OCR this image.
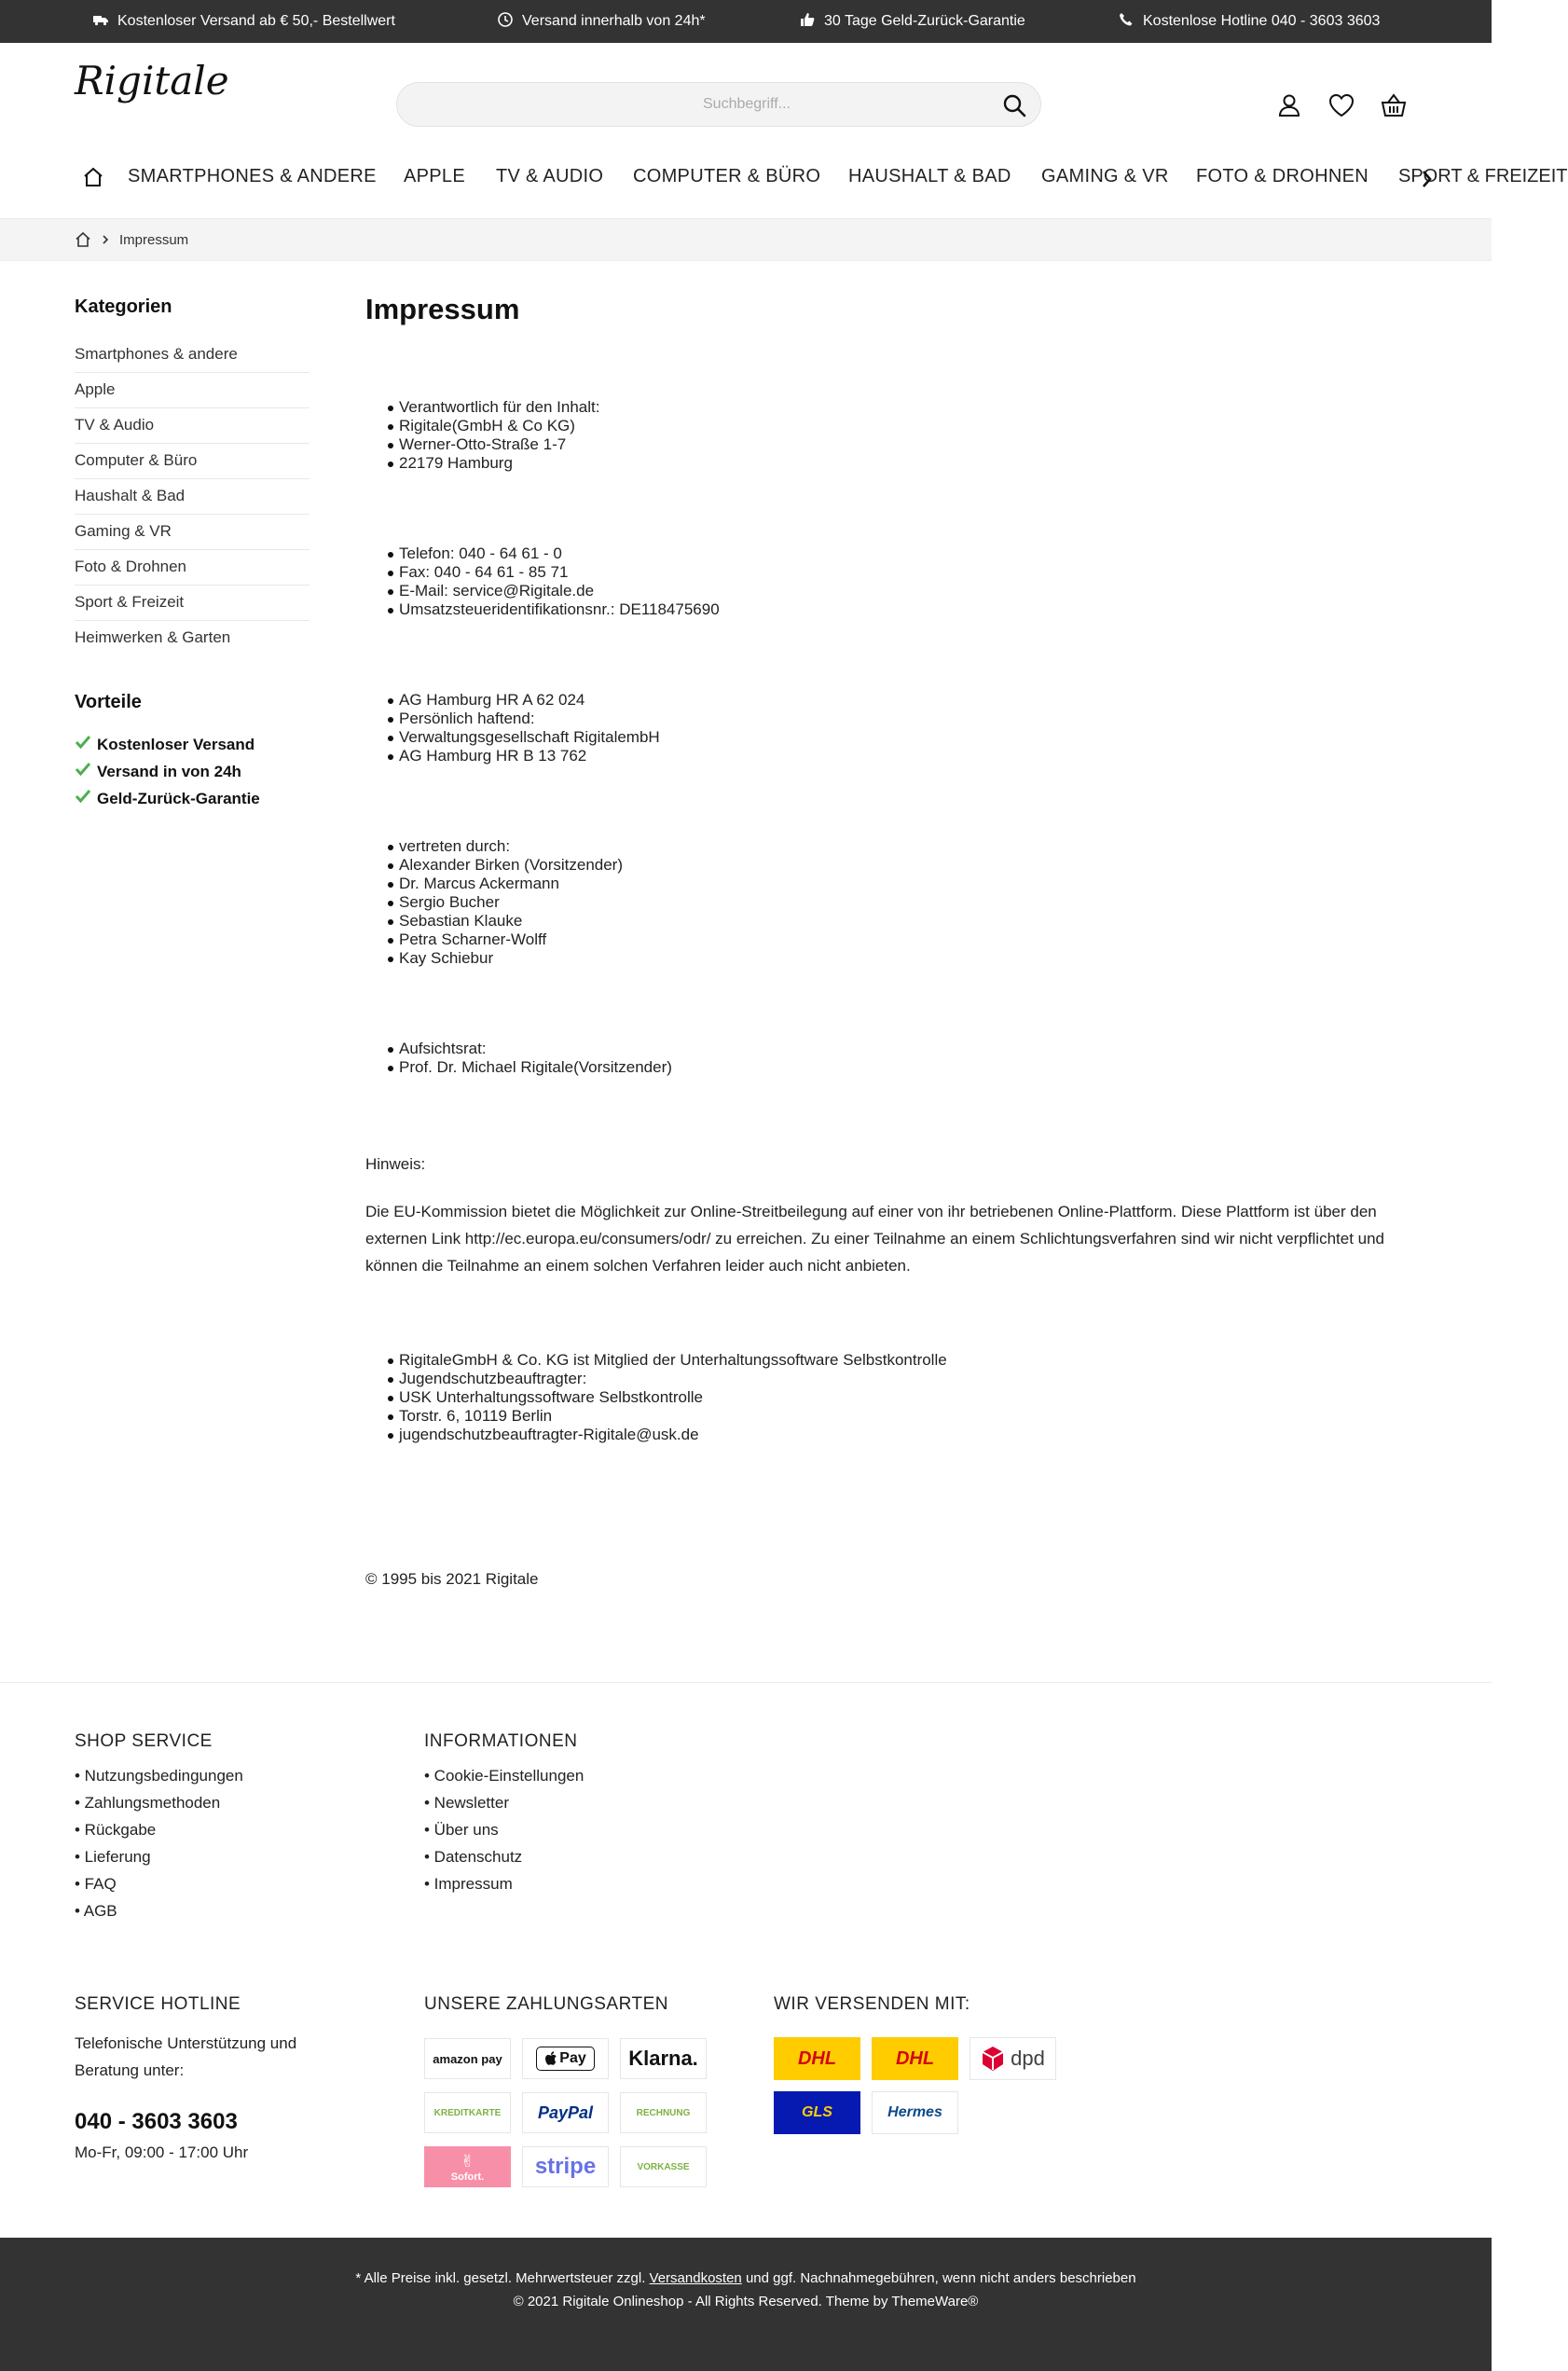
Kostenloser Versand ab € 50,- Bestellwert	Versand innerhalb von 24h*	30 Tage Geld-Zurück-Garantie	Kostenlose Hotline 040 - 3603 3603
Rigitale
Suchbegriff...
SMARTPHONES & ANDERE APPLE TV & AUDIO COMPUTER & BÜRO HAUSHALT & BAD GAMING & VR FOTO & DROHNEN SPORT & FREIZEIT
Impressum
Kategorien
Smartphones & andere
Apple
TV & Audio
Computer & Büro
Haushalt & Bad
Gaming & VR
Foto & Drohnen
Sport & Freizeit
Heimwerken & Garten
Vorteile
Kostenloser Versand
Versand in von 24h
Geld-Zurück-Garantie
Impressum
Verantwortlich für den Inhalt:
Rigitale(GmbH & Co KG)
Werner-Otto-Straße 1-7
22179 Hamburg
Telefon: 040 - 64 61 - 0
Fax: 040 - 64 61 - 85 71
E-Mail: service@Rigitale.de
Umsatzsteueridentifikationsnr.: DE118475690
AG Hamburg HR A 62 024
Persönlich haftend:
Verwaltungsgesellschaft RigitalembH
AG Hamburg HR B 13 762
vertreten durch:
Alexander Birken (Vorsitzender)
Dr. Marcus Ackermann
Sergio Bucher
Sebastian Klauke
Petra Scharner-Wolff
Kay Schiebur
Aufsichtsrat:
Prof. Dr. Michael Rigitale(Vorsitzender)
Hinweis:
Die EU-Kommission bietet die Möglichkeit zur Online-Streitbeilegung auf einer von ihr betriebenen Online-Plattform. Diese Plattform ist über den externen Link http://ec.europa.eu/consumers/odr/ zu erreichen. Zu einer Teilnahme an einem Schlichtungsverfahren sind wir nicht verpflichtet und können die Teilnahme an einem solchen Verfahren leider auch nicht anbieten.
RigitaleGmbH & Co. KG ist Mitglied der Unterhaltungssoftware Selbstkontrolle
Jugendschutzbeauftragter:
USK Unterhaltungssoftware Selbstkontrolle
Torstr. 6, 10119 Berlin
jugendschutzbeauftragter-Rigitale@usk.de
© 1995 bis 2021 Rigitale
SHOP SERVICE
• Nutzungsbedingungen
• Zahlungsmethoden
• Rückgabe
• Lieferung
• FAQ
• AGB
INFORMATIONEN
• Cookie-Einstellungen
• Newsletter
• Über uns
• Datenschutz
• Impressum
SERVICE HOTLINE
Telefonische Unterstützung und Beratung unter:
040 - 3603 3603
Mo-Fr, 09:00 - 17:00 Uhr
UNSERE ZAHLUNGSARTEN
amazon pay	Pay Klarna.
KREDITKARTE PayPal	RECHNUNG
✌
Sofort. stripe	VORKASSE
WIR VERSENDEN MIT:
DHL	DHL	dpd
GLS	Hermes
* Alle Preise inkl. gesetzl. Mehrwertsteuer zzgl. Versandkosten und ggf. Nachnahmegebühren, wenn nicht anders beschrieben
© 2021 Rigitale Onlineshop - All Rights Reserved. Theme by ThemeWare®
